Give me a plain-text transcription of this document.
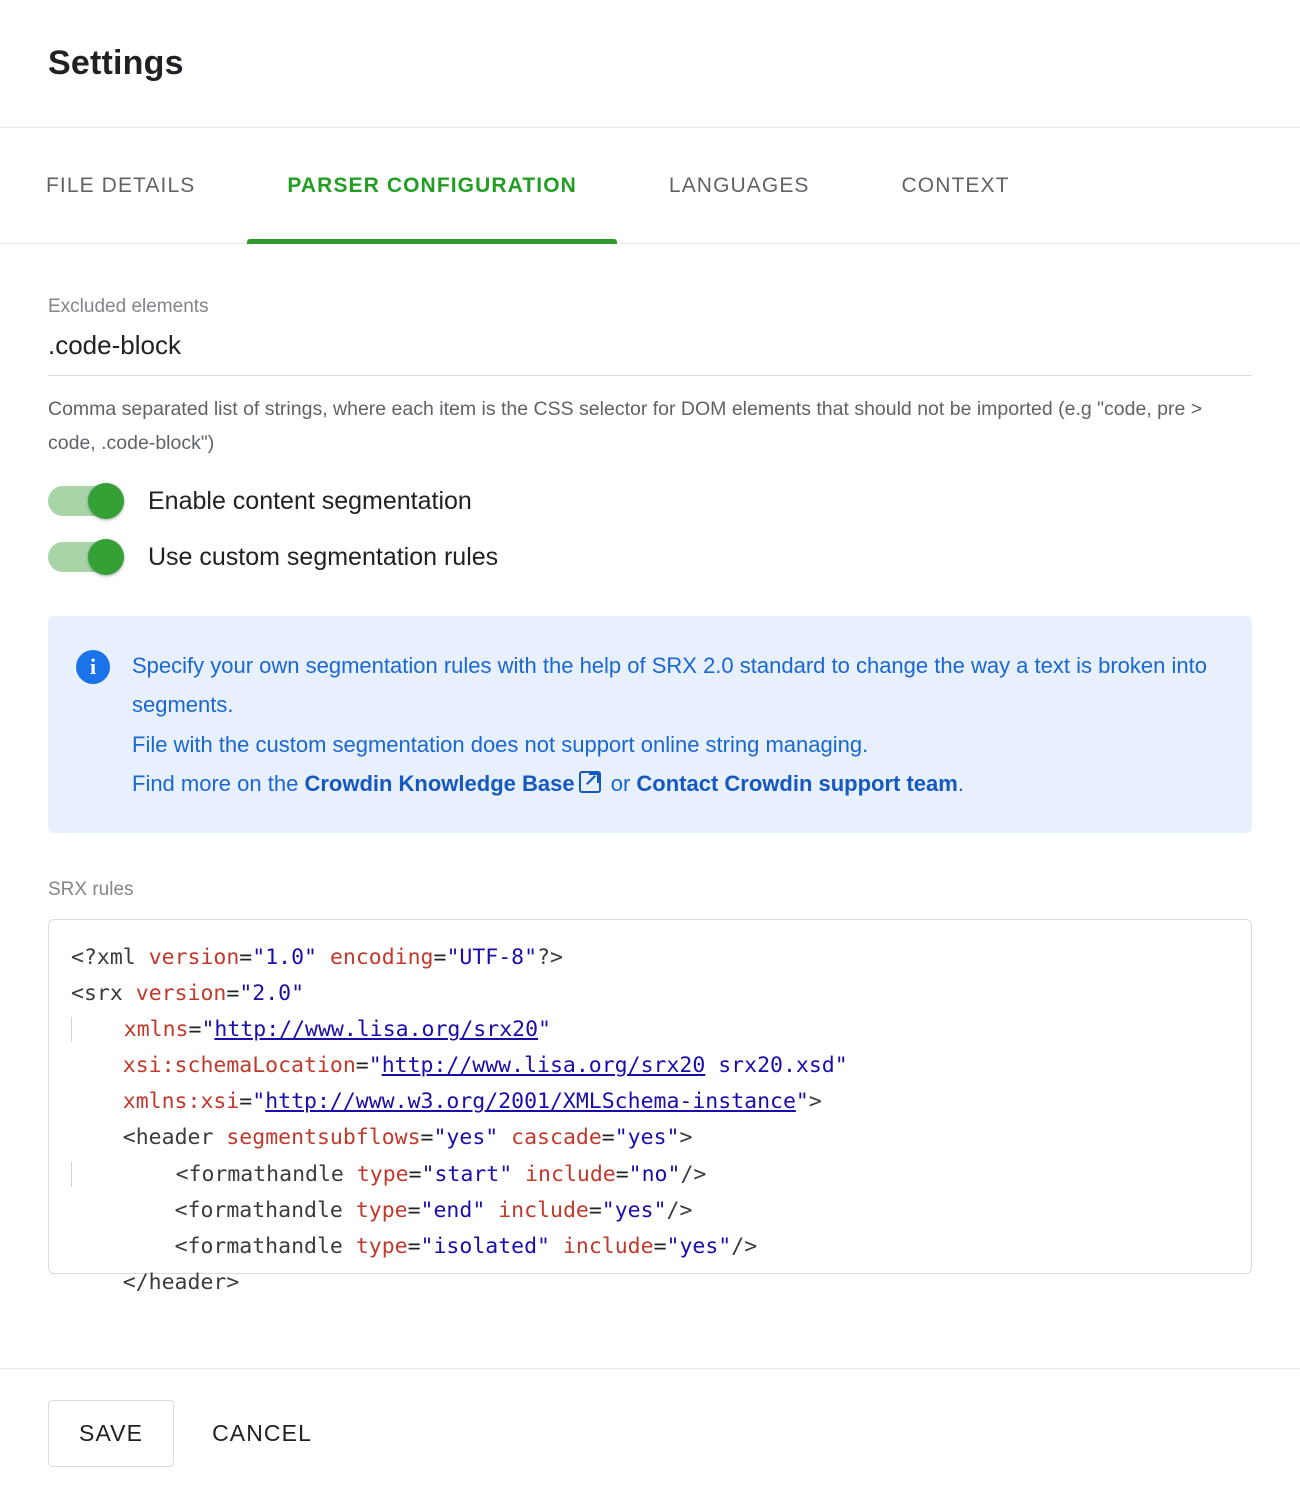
Settings
FILE DETAILS	PARSER CONFIGURATION	LANGUAGES	CONTEXT
Excluded elements
.code-block
Comma separated list of strings, where each item is the CSS selector for DOM elements that should not be imported (e.g "code, pre > code, .code-block")
Enable content segmentation
Use custom segmentation rules
i	Specify your own segmentation rules with the help of SRX 2.0 standard to change the way a text is broken into segments.
File with the custom segmentation does not support online string managing.
Find more on the Crowdin Knowledge Base or Contact Crowdin support team.
SRX rules
<?xml version="1.0" encoding="UTF-8"?>
<srx version="2.0"
xmlns="http://www.lisa.org/srx20"
xsi:schemaLocation="http://www.lisa.org/srx20 srx20.xsd"
xmlns:xsi="http://www.w3.org/2001/XMLSchema-instance">
<header segmentsubflows="yes" cascade="yes">
<formathandle type="start" include="no"/>
<formathandle type="end" include="yes"/>
<formathandle type="isolated" include="yes"/>
</header>
SAVE	CANCEL
